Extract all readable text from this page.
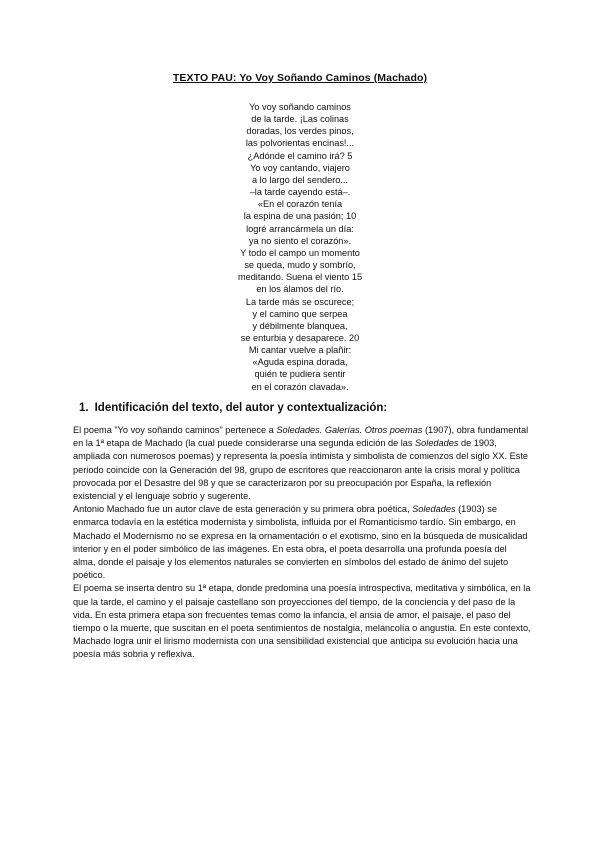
TEXTO PAU: Yo Voy Soñando Caminos (Machado)
Yo voy soñando caminos
de la tarde. ¡Las colinas
doradas, los verdes pinos,
las polvorientas encinas!...
¿Adónde el camino irá? 5
Yo voy cantando, viajero
a lo largo del sendero...
–la tarde cayendo está–.
«En el corazón tenía
la espina de una pasión; 10
logré arrancármela un día:
ya no siento el corazón».
Y todo el campo un momento
se queda, mudo y sombrío,
meditando. Suena el viento 15
en los álamos del río.
La tarde más se oscurece;
y el camino que serpea
y débilmente blanquea,
se enturbia y desaparece. 20
Mi cantar vuelve a plañir:
«Aguda espina dorada,
quién te pudiera sentir
en el corazón clavada».
1. Identificación del texto, del autor y contextualización:

El poema "Yo voy soñando caminos" pertenece a Soledades. Galerías. Otros poemas (1907), obra fundamental en la 1ª etapa de Machado (la cual puede considerarse una segunda edición de las Soledades de 1903, ampliada con numerosos poemas) y representa la poesía intimista y simbolista de comienzos del siglo XX. Este periodo coincide con la Generación del 98, grupo de escritores que reaccionaron ante la crisis moral y política provocada por el Desastre del 98 y que se caracterizaron por su preocupación por España, la reflexión existencial y el lenguaje sobrio y sugerente.

Antonio Machado fue un autor clave de esta generación y su primera obra poética, Soledades (1903) se enmarca todavía en la estética modernista y simbolista, influida por el Romanticismo tardío. Sin embargo, en Machado el Modernismo no se expresa en la ornamentación o el exotismo, sino en la búsqueda de musicalidad interior y en el poder simbólico de las imágenes. En esta obra, el poeta desarrolla una profunda poesía del alma, donde el paisaje y los elementos naturales se convierten en símbolos del estado de ánimo del sujeto poético.

El poema se inserta dentro su 1ª etapa, donde predomina una poesía introspectiva, meditativa y simbólica, en la que la tarde, el camino y el paisaje castellano son proyecciones del tiempo, de la conciencia y del paso de la vida. En esta primera etapa son frecuentes temas como la infancia, el ansia de amor, el paisaje, el paso del tiempo o la muerte, que suscitan en el poeta sentimientos de nostalgia, melancolía o angustia. En este contexto, Machado logra unir el lirismo modernista con una sensibilidad existencial que anticipa su evolución hacia una poesía más sobria y reflexiva.
